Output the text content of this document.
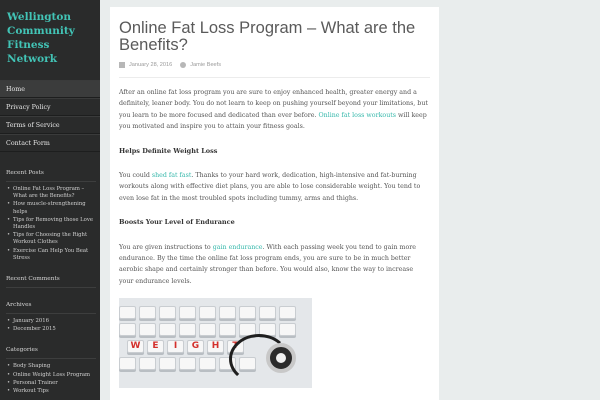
Wellington Community Fitness Network
Home
Privacy Policy
Terms of Service
Contact Form
Recent Posts
• Online Fat Loss Program – What are the Benefits?
• How muscle-strengthening helps
• Tips for Removing those Love Handles
• Tips for Choosing the Right Workout Clothes
• Exercise Can Help You Beat Stress
Recent Comments
Archives
• January 2016
• December 2015
Categories
• Body Shaping
• Online Weight Loss Program
• Personal Trainer
• Workout Tips
Online Fat Loss Program – What are the Benefits?
January 28, 2016	Jamie Beefs

After an online fat loss program you are sure to enjoy enhanced health, greater energy and a definitely, leaner body. You do not learn to keep on pushing yourself beyond your limitations, but you learn to be more focused and dedicated than ever before. Online fat loss workouts will keep you motivated and inspire you to attain your fitness goals.

Helps Definite Weight Loss

You could shed fat fast. Thanks to your hard work, dedication, high-intensive and fat-burning workouts along with effective diet plans, you are able to lose considerable weight. You tend to even lose fat in the most troubled spots including tummy, arms and thighs.

Boosts Your Level of Endurance

You are given instructions to gain endurance. With each passing week you tend to gain more endurance. By the time the online fat loss program ends, you are sure to be in much better aerobic shape and certainly stronger than before. You would also, know the way to increase your endurance levels.

W	E	I	G	H	T
